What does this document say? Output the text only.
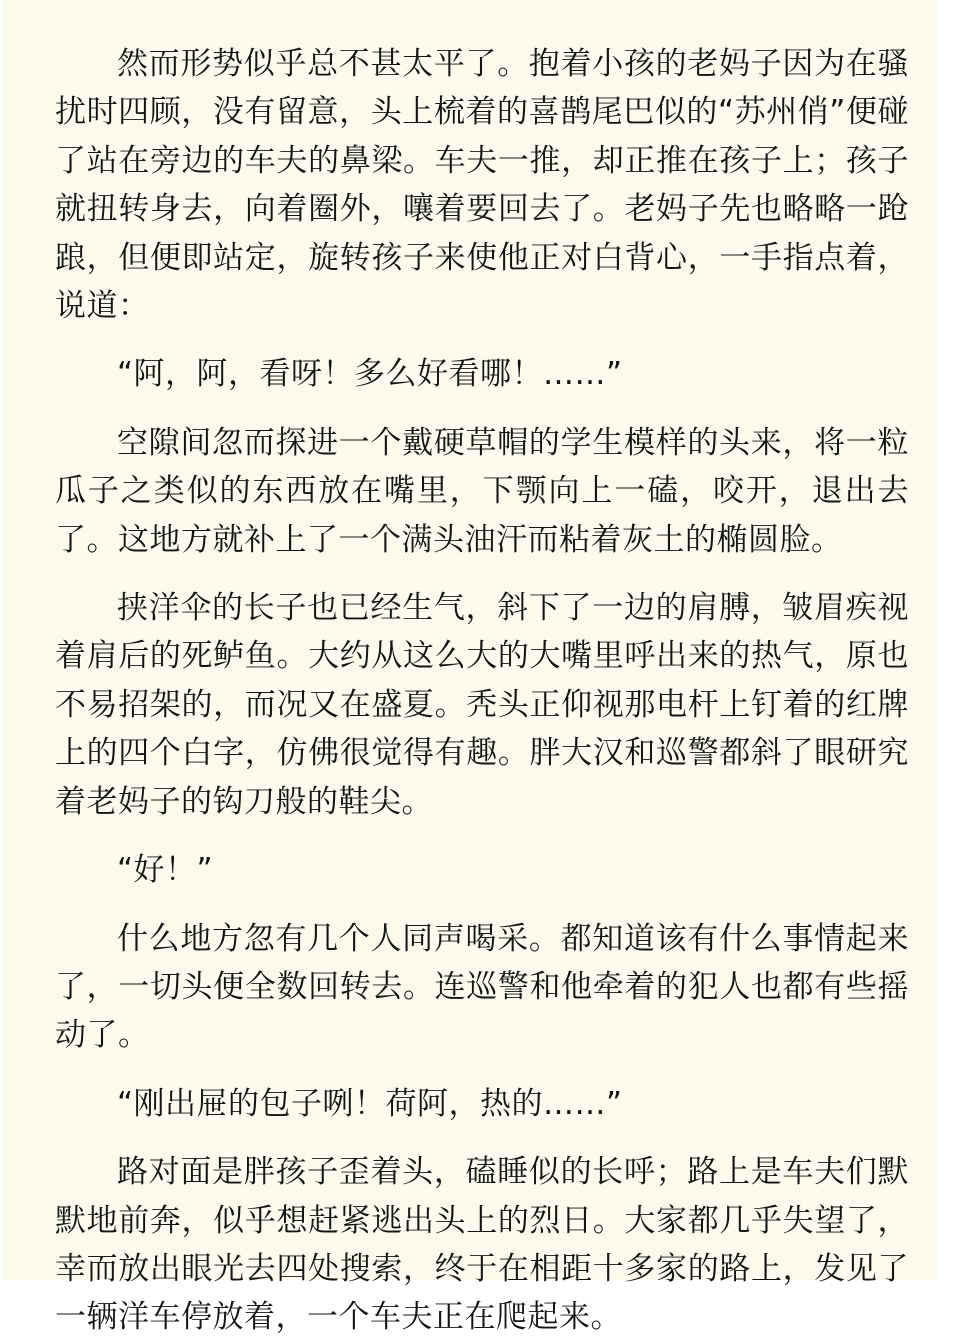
然而形势似乎总不甚太平了。抱着小孩的老妈子因为在骚扰时四顾，没有留意，头上梳着的喜鹊尾巴似的“苏州俏”便碰了站在旁边的车夫的鼻梁。车夫一推，却正推在孩子上；孩子就扭转身去，向着圈外，嚷着要回去了。老妈子先也略略一跄踉，但便即站定，旋转孩子来使他正对白背心，一手指点着，说道：

“阿，阿，看呀！多么好看哪！……”

空隙间忽而探进一个戴硬草帽的学生模样的头来，将一粒瓜子之类似的东西放在嘴里，下颚向上一磕，咬开，退出去了。这地方就补上了一个满头油汗而粘着灰土的椭圆脸。

挟洋伞的长子也已经生气，斜下了一边的肩膊，皱眉疾视着肩后的死鲈鱼。大约从这么大的大嘴里呼出来的热气，原也不易招架的，而况又在盛夏。秃头正仰视那电杆上钉着的红牌上的四个白字，仿佛很觉得有趣。胖大汉和巡警都斜了眼研究着老妈子的钩刀般的鞋尖。

“好！”

什么地方忽有几个人同声喝采。都知道该有什么事情起来了，一切头便全数回转去。连巡警和他牵着的犯人也都有些摇动了。

“刚出屉的包子咧！荷阿，热的……”

路对面是胖孩子歪着头，磕睡似的长呼；路上是车夫们默默地前奔，似乎想赶紧逃出头上的烈日。大家都几乎失望了，幸而放出眼光去四处搜索，终于在相距十多家的路上，发见了一辆洋车停放着，一个车夫正在爬起来。
